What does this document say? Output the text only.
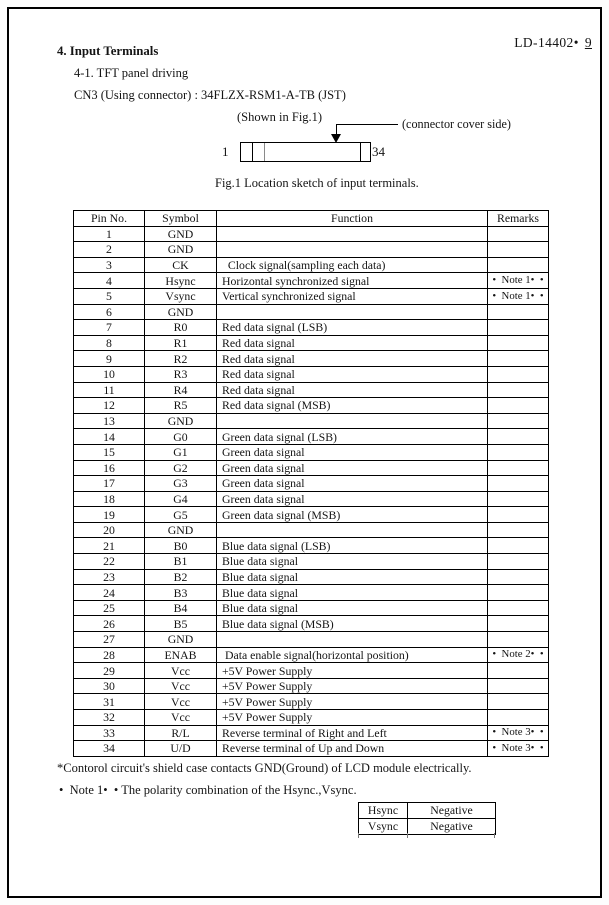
LD-14402• 9
4. Input Terminals
4-1. TFT panel driving
CN3 (Using connector) : 34FLZX-RSM1-A-TB (JST)
(Shown in Fig.1)	(connector cover side)

1	34
Fig.1 Location sketch of input terminals.
Pin No.	Symbol	Function	Remarks
1	GND		
2	GND		
3	CK	Clock signal(sampling each data)	
4	Hsync	Horizontal synchronized signal	•  Note 1•  •
5	Vsync	Vertical synchronized signal	•  Note 1•  •
6	GND		
7	R0	Red data signal (LSB)	
8	R1	Red data signal	
9	R2	Red data signal	
10	R3	Red data signal	
11	R4	Red data signal	
12	R5	Red data signal (MSB)	
13	GND		
14	G0	Green data signal (LSB)	
15	G1	Green data signal	
16	G2	Green data signal	
17	G3	Green data signal	
18	G4	Green data signal	
19	G5	Green data signal (MSB)	
20	GND		
21	B0	Blue data signal (LSB)	
22	B1	Blue data signal	
23	B2	Blue data signal	
24	B3	Blue data signal	
25	B4	Blue data signal	
26	B5	Blue data signal (MSB)	
27	GND		
28	ENAB	Data enable signal(horizontal position)	•  Note 2•  •
29	Vcc	+5V Power Supply	
30	Vcc	+5V Power Supply	
31	Vcc	+5V Power Supply	
32	Vcc	+5V Power Supply	
33	R/L	Reverse terminal of Right and Left	•  Note 3•  •
34	U/D	Reverse terminal of Up and Down	•  Note 3•  •
*Contorol circuit's shield case contacts GND(Ground) of LCD module electrically.
•  Note 1•  • The polarity combination of the Hsync.,Vsync.
Hsync	Negative
Vsync	Negative
